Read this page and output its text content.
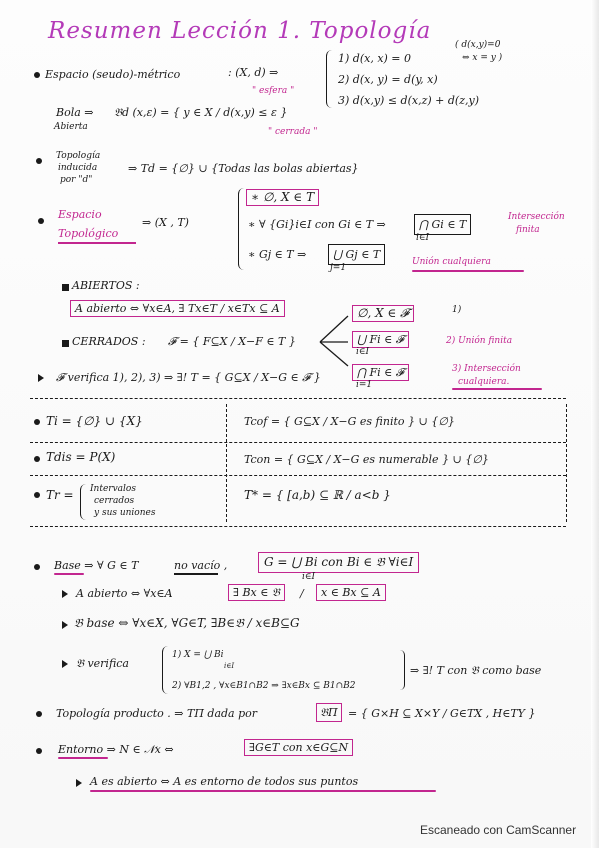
Resumen Lección 1. Topología
Espacio (seudo)-métrico	: (X, d) ⇒
1) d(x, x) = 0
( d(x,y)=0
⇔ x = y )
2) d(x, y) = d(y, x)
3) d(x,y) ≤ d(x,z) + d(z,y)
" esfera "
Bola ⇒
Abierta
𝔅d (x,ε) = { y ∈ X / d(x,y) ≤ ε }
" cerrada "
Topología
inducida
por "d"
⇒ Td = {∅} ∪ {Todas las bolas abiertas}
Espacio
Topológico
⇒ (X , T)
∗ ∅, X ∈ T
∗ ∀ {Gi}i∈I con Gi ∈ T ⇒	⋂ Gi ∈ T
i∈I
Intersección
finita
∗ Gj ∈ T ⇒	⋃ Gj ∈ T
j=1
Unión cualquiera
ABIERTOS :
A abierto ⇔ ∀x∈A, ∃ Tx∈T / x∈Tx ⊆ A
CERRADOS : 𝓕 = { F⊆X / X−F ∈ T }
∅, X ∈ 𝓕	1)
⋃ Fi ∈ 𝓕
i∈I
2) Unión finita
⋂ Fi ∈ 𝓕
i=1
3) Intersección
cualquiera.
𝓕 verifica 1), 2), 3) ⇒ ∃! T = { G⊆X / X−G ∈ 𝓕 }
Ti = {∅} ∪ {X}	Tcof = { G⊆X / X−G es finito } ∪ {∅}
Tdis = P(X)	Tcon = { G⊆X / X−G es numerable } ∪ {∅}
Tr = Intervalos
cerrados
y sus uniones
T* = { [a,b) ⊆ ℝ / a<b }
Base ⇒ ∀ G ∈ T	no vacío ,	G = ⋃ Bi con Bi ∈ 𝔅 ∀i∈I
i∈I
A abierto ⇔ ∀x∈A	∃ Bx ∈ 𝔅	/	x ∈ Bx ⊆ A
𝔅 base ⇔ ∀x∈X, ∀G∈T, ∃B∈𝔅 / x∈B⊆G
𝔅 verifica
1) X = ⋃ Bi
i∈I
2) ∀B1,2 , ∀x∈B1∩B2 ⇒ ∃x∈Bx ⊆ B1∩B2
⇒ ∃! T con 𝔅 como base
Topología producto . ⇒ TΠ dada por	𝔅Π = { G×H ⊆ X×Y / G∈TX , H∈TY }
Entorno ⇒ N ∈ 𝒩x ⇔	∃G∈T con x∈G⊆N
A es abierto ⇔ A es entorno de todos sus puntos
Escaneado con CamScanner
